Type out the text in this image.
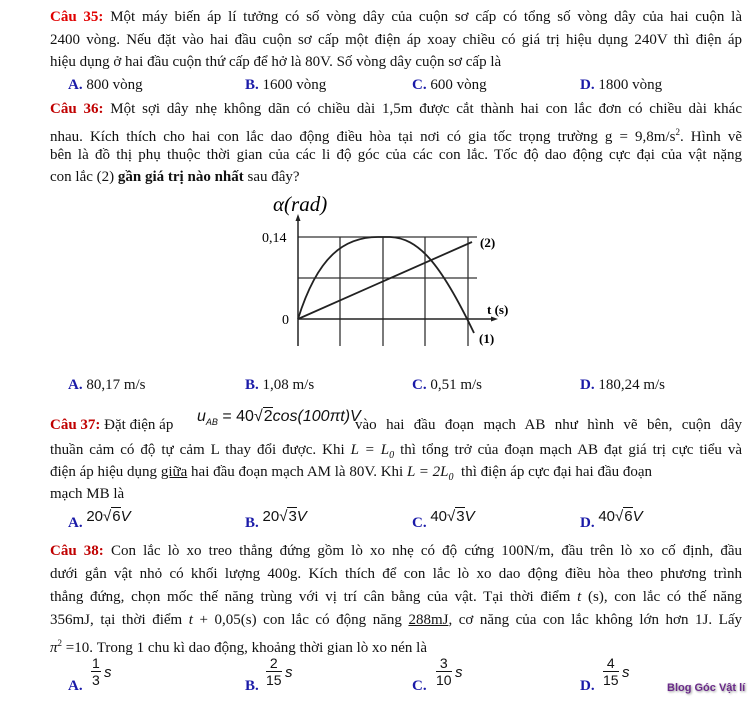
Câu 35: Một máy biến áp lí tưởng có số vòng dây của cuộn sơ cấp có tổng số vòng dây của hai cuộn là
2400 vòng. Nếu đặt vào hai đầu cuộn sơ cấp một điện áp xoay chiều có giá trị hiệu dụng 240V thì điện áp
hiệu dụng ở hai đầu cuộn thứ cấp để hở là 80V. Số vòng dây cuộn sơ cấp là
A. 800 vòng	B. 1600 vòng	C. 600 vòng	D. 1800 vòng
Câu 36: Một sợi dây nhẹ không dãn có chiều dài 1,5m được cắt thành hai con lắc đơn có chiều dài khác
nhau. Kích thích cho hai con lắc dao động điều hòa tại nơi có gia tốc trọng trường $g = 9,8m/s^2$. Hình vẽ
bên là đồ thị phụ thuộc thời gian của các li độ góc của các con lắc. Tốc độ dao động cực đại của vật nặng
con lắc (2) gần giá trị nào nhất sau đây?
α(rad)
0,14
0
(2)
t (s)
(1)
A. 80,17 m/s	B. 1,08 m/s	C. 0,51 m/s	D. 180,24 m/s
Câu 37: Đặt điện áp $u_{AB} = 40√2\cos(100\pi t)V$
vào hai đầu đoạn mạch AB như hình vẽ bên, cuộn dây
thuần cảm có độ tự cảm L thay đổi được. Khi $L = L_0$ thì tổng trở của đoạn mạch AB đạt giá trị cực tiểu và
điện áp hiệu dụng giữa hai đầu đoạn mạch AM là 80V. Khi $L = 2L_0$  thì điện áp cực đại hai đầu đoạn
mạch MB là
A. 20√6V	B. 20√3V	C. 40√3V	D. 40√6V
Câu 38: Con lắc lò xo treo thẳng đứng gồm lò xo nhẹ có độ cứng 100N/m, đầu trên lò xo cố định, đầu
dưới gắn vật nhỏ có khối lượng 400g. Kích thích để con lắc lò xo dao động điều hòa theo phương trình
thẳng đứng, chọn mốc thế năng trùng với vị trí cân bằng của vật. Tại thời điểm t (s), con lắc có thế năng
356mJ, tại thời điểm t + 0,05(s) con lắc có động năng 288mJ, cơ năng của con lắc không lớn hơn 1J. Lấy
$\pi^2 =10$. Trong 1 chu kì dao động, khoảng thời gian lò xo nén là
A. $\frac{1}{3}$ s
B. $\frac{2}{15}$ s
C. $\frac{3}{10}$ s
D. $\frac{4}{15}$ s
Blog Góc Vật lí
